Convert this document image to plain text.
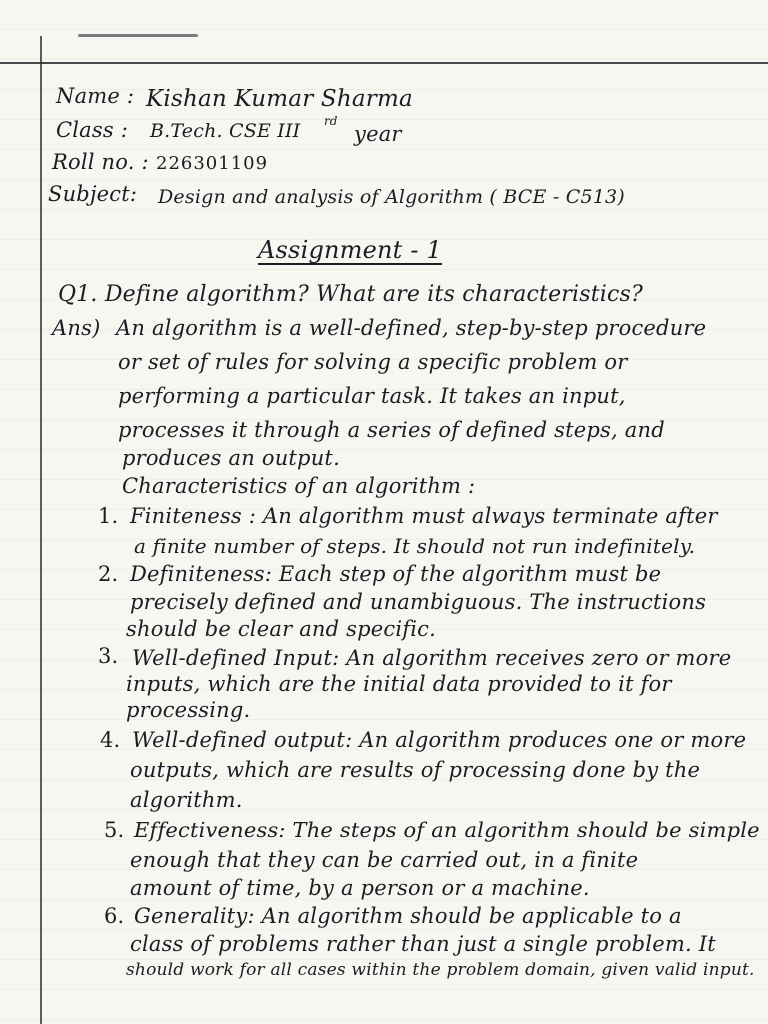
Name : Kishan Kumar Sharma
Class : B.Tech. CSE III rd
year
Roll no. : 226301109
Subject: Design and analysis of Algorithm ( BCE - C513)
Assignment - 1
Q1. Define algorithm? What are its characteristics?
Ans) An algorithm is a well-defined, step-by-step procedure
or set of rules for solving a specific problem or
performing a particular task. It takes an input,
processes it through a series of defined steps, and
produces an output.
Characteristics of an algorithm :
1. Finiteness : An algorithm must always terminate after
a finite number of steps. It should not run indefinitely.
2. Definiteness: Each step of the algorithm must be
precisely defined and unambiguous. The instructions
should be clear and specific.
3. Well-defined Input: An algorithm receives zero or more
inputs, which are the initial data provided to it for
processing.
4. Well-defined output: An algorithm produces one or more
outputs, which are results of processing done by the
algorithm.
5. Effectiveness: The steps of an algorithm should be simple
enough that they can be carried out, in a finite
amount of time, by a person or a machine.
6. Generality: An algorithm should be applicable to a
class of problems rather than just a single problem. It
should work for all cases within the problem domain, given valid input.
